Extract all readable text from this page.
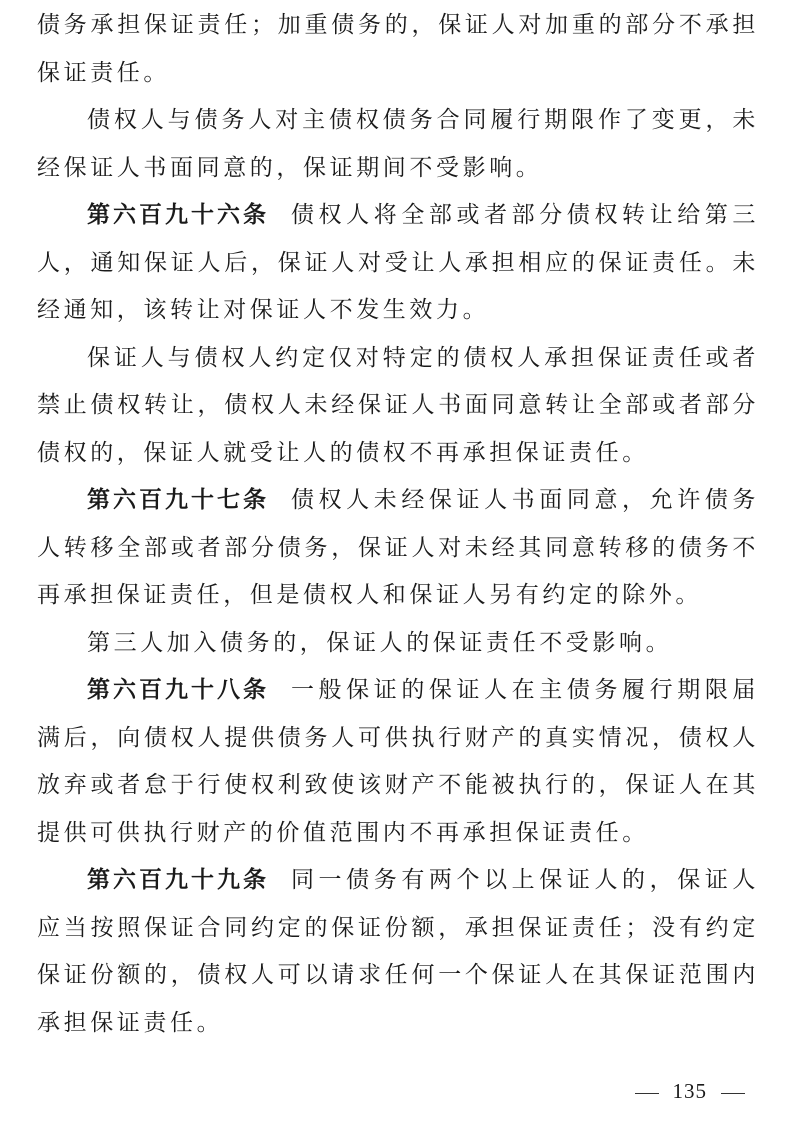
债务承担保证责任；加重债务的，保证人对加重的部分不承担保证责任。

债权人与债务人对主债权债务合同履行期限作了变更，未经保证人书面同意的，保证期间不受影响。

第六百九十六条 债权人将全部或者部分债权转让给第三人，通知保证人后，保证人对受让人承担相应的保证责任。未经通知，该转让对保证人不发生效力。

保证人与债权人约定仅对特定的债权人承担保证责任或者禁止债权转让，债权人未经保证人书面同意转让全部或者部分债权的，保证人就受让人的债权不再承担保证责任。

第六百九十七条 债权人未经保证人书面同意，允许债务人转移全部或者部分债务，保证人对未经其同意转移的债务不再承担保证责任，但是债权人和保证人另有约定的除外。

第三人加入债务的，保证人的保证责任不受影响。

第六百九十八条 一般保证的保证人在主债务履行期限届满后，向债权人提供债务人可供执行财产的真实情况，债权人放弃或者怠于行使权利致使该财产不能被执行的，保证人在其提供可供执行财产的价值范围内不再承担保证责任。

第六百九十九条 同一债务有两个以上保证人的，保证人应当按照保证合同约定的保证份额，承担保证责任；没有约定保证份额的，债权人可以请求任何一个保证人在其保证范围内承担保证责任。

135
